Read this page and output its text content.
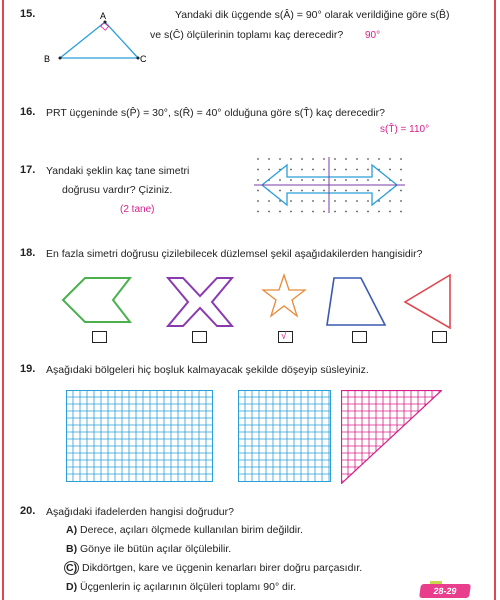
15.	A
B	C
Yandaki dik üçgende s(Â) = 90° olarak verildiğine göre s(B̂)
ve s(Ĉ) ölçülerinin toplamı kaç derecedir? 90°
16. PRT üçgeninde s(P̂) = 30°, s(R̂) = 40° olduğuna göre s(T̂) kaç derecedir?
s(T̂) = 110°
17. Yandaki şeklin kaç tane simetri
doğrusu vardır? Çiziniz.
(2 tane)
18. En fazla simetri doğrusu çizilebilecek düzlemsel şekil aşağıdakilerden hangisidir?
√
19. Aşağıdaki bölgeleri hiç boşluk kalmayacak şekilde döşeyip süsleyiniz.
20. Aşağıdaki ifadelerden hangisi doğrudur?
A) Derece, açıları ölçmede kullanılan birim değildir.
B) Gönye ile bütün açılar ölçülebilir.
C) Dikdörtgen, kare ve üçgenin kenarları birer doğru parçasıdır.
D) Üçgenlerin iç açılarının ölçüleri toplamı 90° dir.	28-29
